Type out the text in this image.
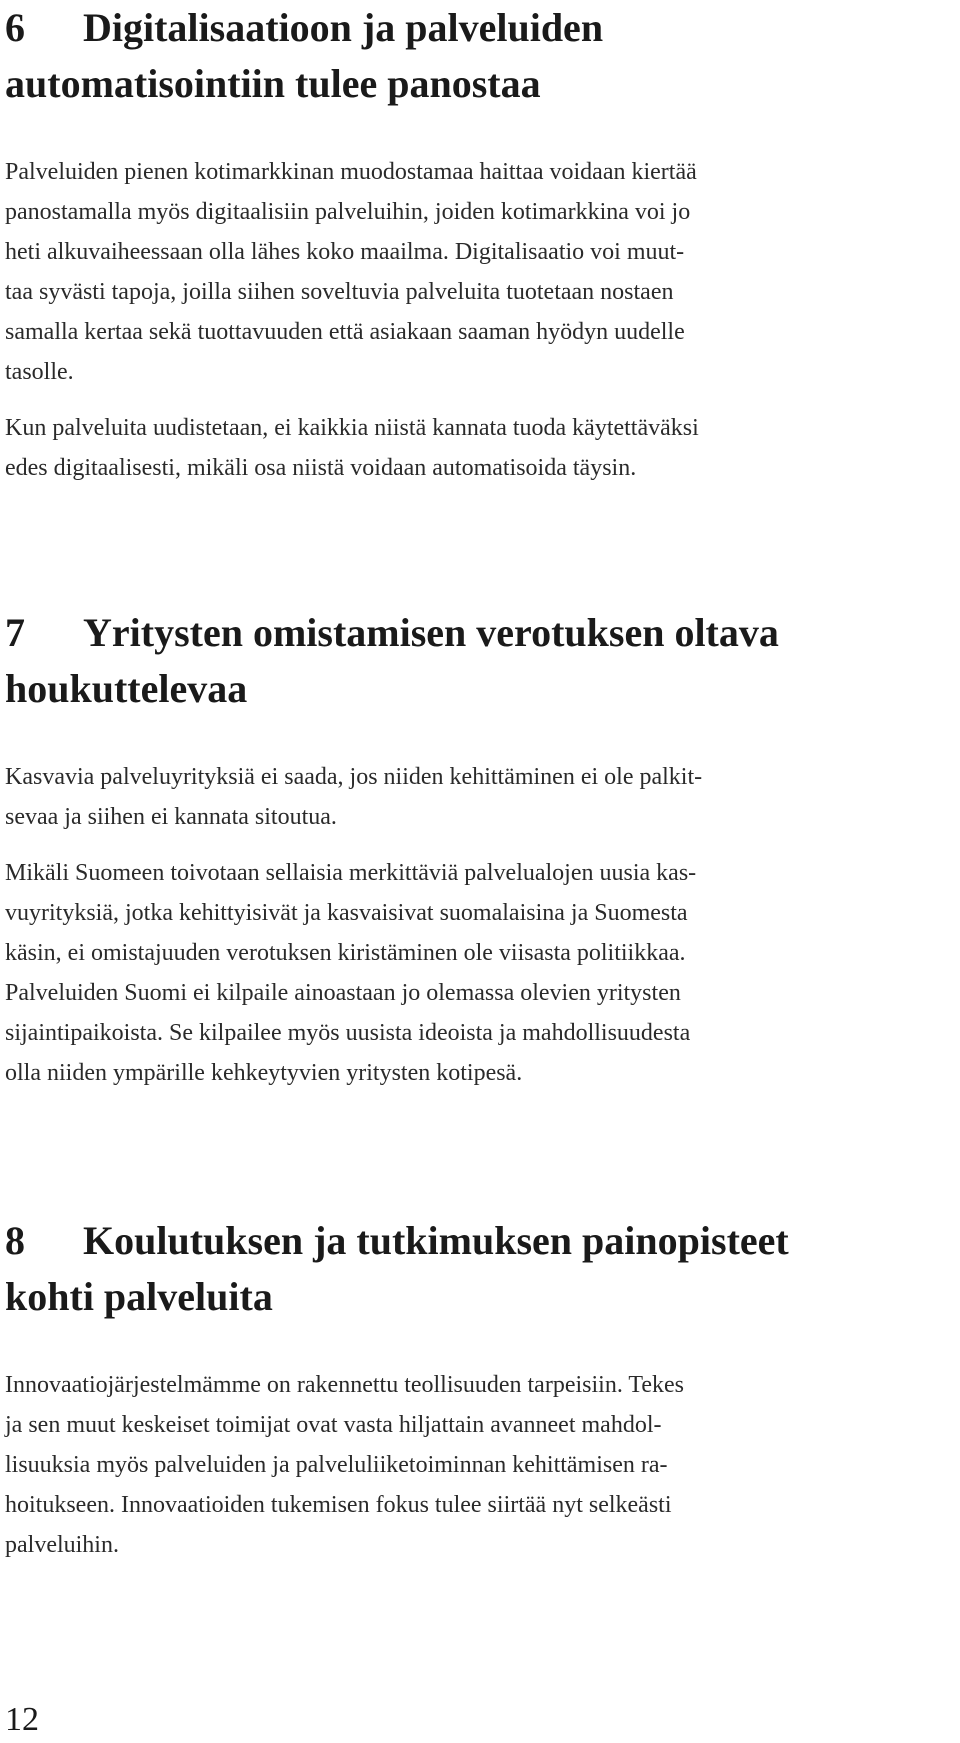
6 Digitalisaatioon ja palveluiden
automatisointiin tulee panostaa

Palveluiden pienen kotimarkkinan muodostamaa haittaa voidaan kiertää
panostamalla myös digitaalisiin palveluihin, joiden kotimarkkina voi jo
heti alkuvaiheessaan olla lähes koko maailma. Digitalisaatio voi muut-
taa syvästi tapoja, joilla siihen soveltuvia palveluita tuotetaan nostaen
samalla kertaa sekä tuottavuuden että asiakaan saaman hyödyn uudelle
tasolle.

Kun palveluita uudistetaan, ei kaikkia niistä kannata tuoda käytettäväksi
edes digitaalisesti, mikäli osa niistä voidaan automatisoida täysin.

7 Yritysten omistamisen verotuksen oltava
houkuttelevaa

Kasvavia palveluyrityksiä ei saada, jos niiden kehittäminen ei ole palkit-
sevaa ja siihen ei kannata sitoutua.

Mikäli Suomeen toivotaan sellaisia merkittäviä palvelualojen uusia kas-
vuyrityksiä, jotka kehittyisivät ja kasvaisivat suomalaisina ja Suomesta
käsin, ei omistajuuden verotuksen kiristäminen ole viisasta politiikkaa.
Palveluiden Suomi ei kilpaile ainoastaan jo olemassa olevien yritysten
sijaintipaikoista. Se kilpailee myös uusista ideoista ja mahdollisuudesta
olla niiden ympärille kehkeytyvien yritysten kotipesä.

8 Koulutuksen ja tutkimuksen painopisteet
kohti palveluita

Innovaatiojärjestelmämme on rakennettu teollisuuden tarpeisiin. Tekes
ja sen muut keskeiset toimijat ovat vasta hiljattain avanneet mahdol-
lisuuksia myös palveluiden ja palveluliiketoiminnan kehittämisen ra-
hoitukseen. Innovaatioiden tukemisen fokus tulee siirtää nyt selkeästi
palveluihin.

12
